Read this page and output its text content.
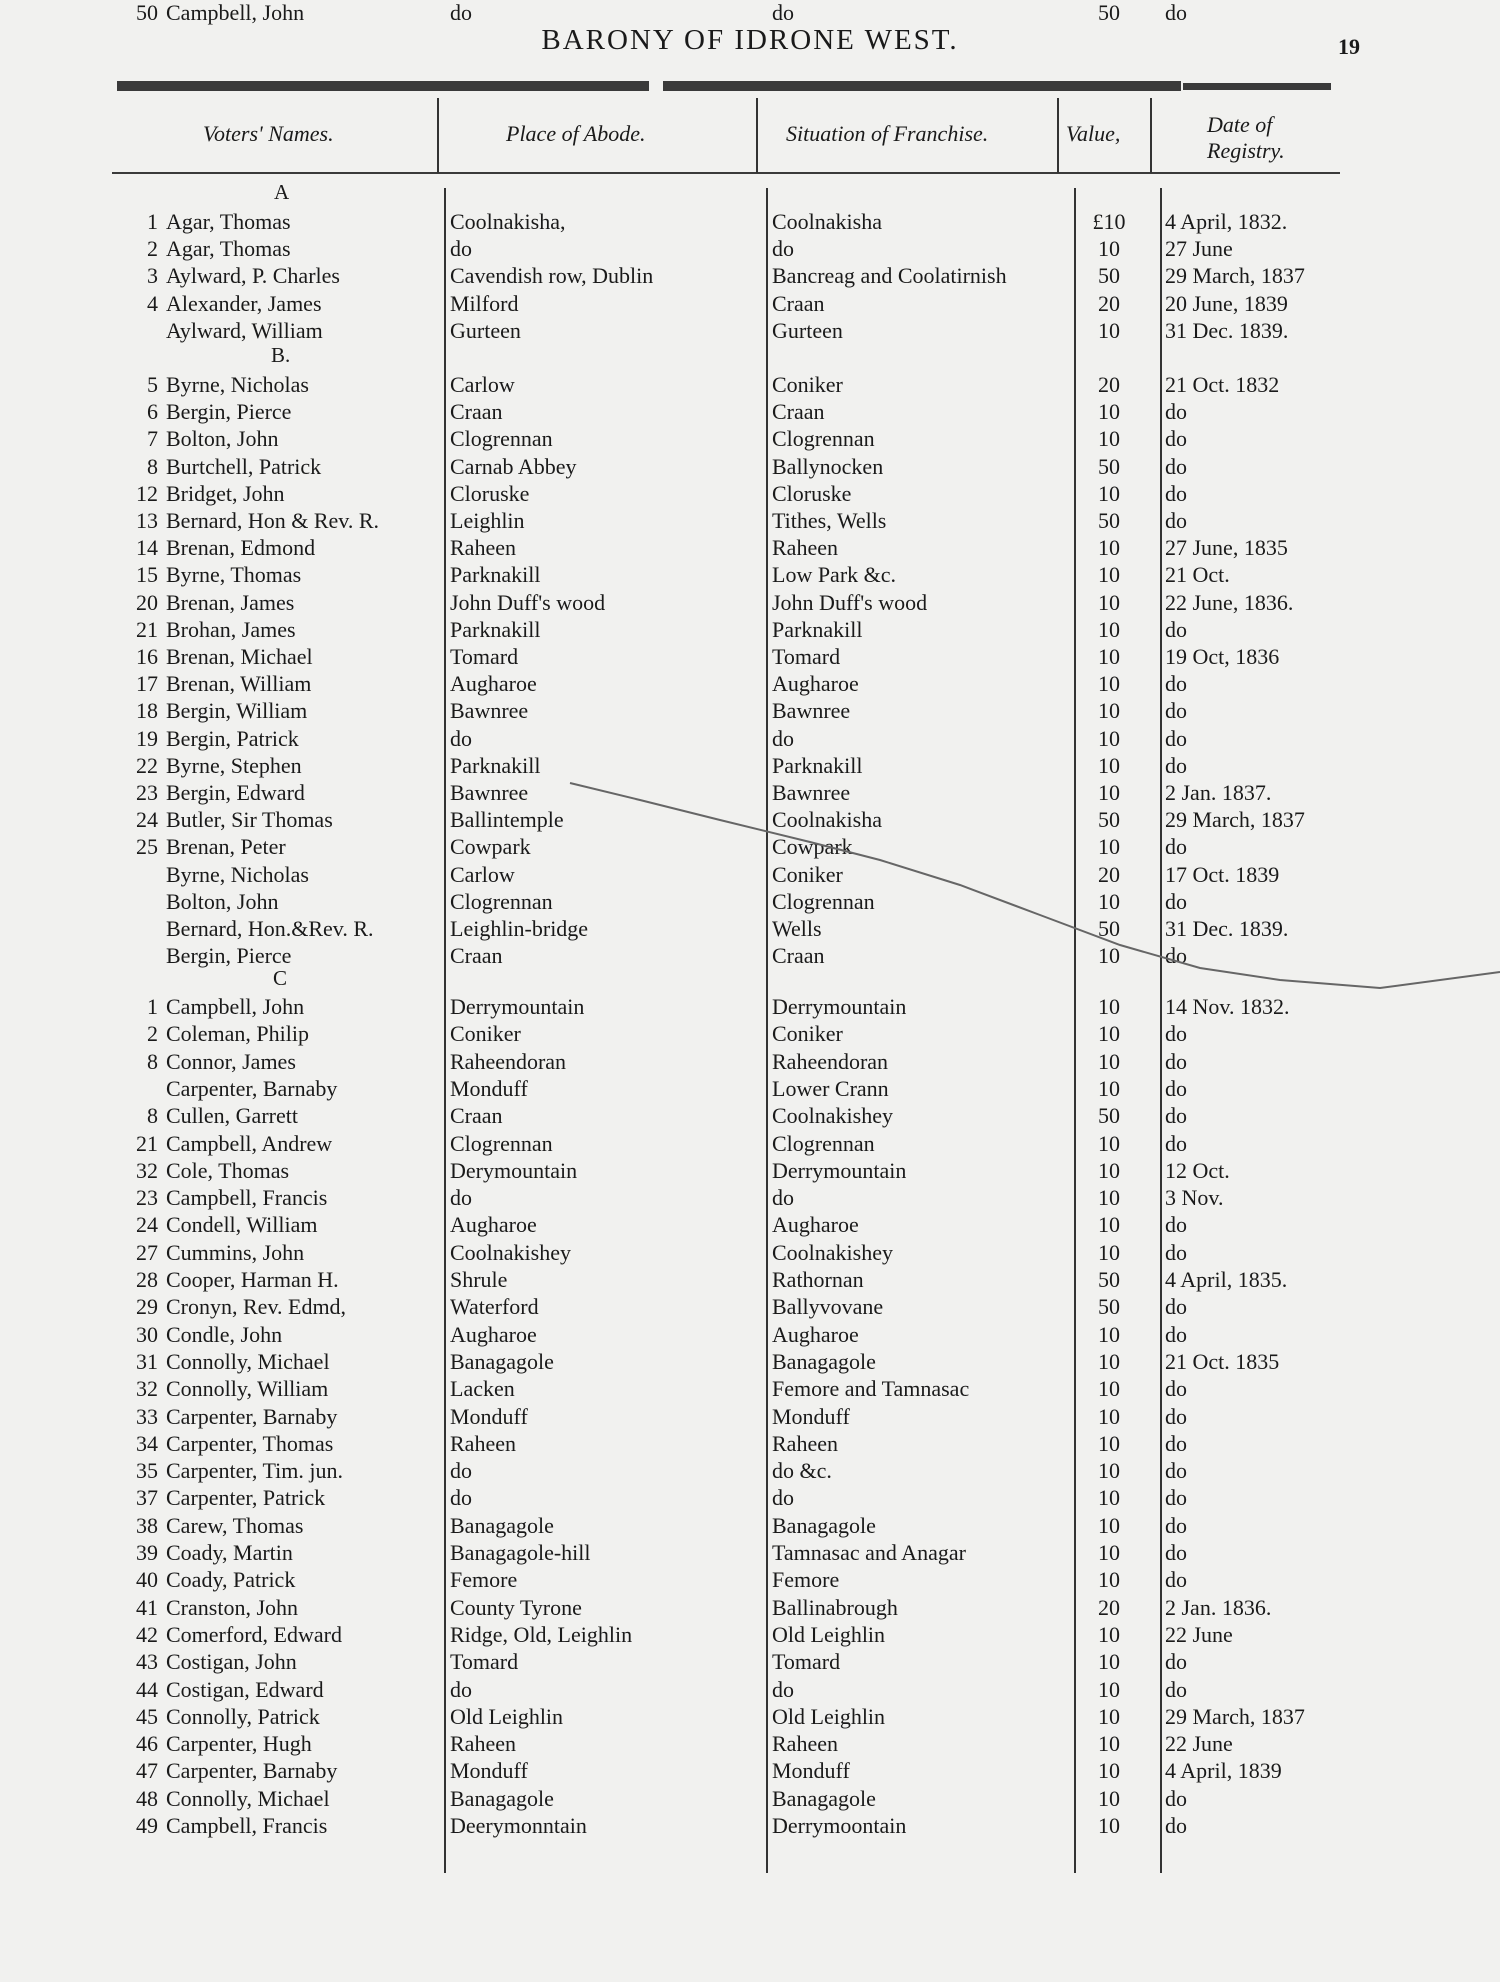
BARONY OF IDRONE WEST.	19
Voters' Names.	Place of Abode.	Situation of Franchise.	Value,	Date of
Registry.
A
B.
C
1 Agar, Thomas	Coolnakisha,	Coolnakisha	£10	4 April, 1832.
2 Agar, Thomas	do	do	10	27 June
3 Aylward, P. Charles	Cavendish row, Dublin	Bancreag and Coolatirnish	50	29 March, 1837
4 Alexander, James	Milford	Craan	20	20 June, 1839
Aylward, William	Gurteen	Gurteen	10	31 Dec. 1839.
5 Byrne, Nicholas	Carlow	Coniker	20	21 Oct. 1832
6 Bergin, Pierce	Craan	Craan	10	do
7 Bolton, John	Clogrennan	Clogrennan	10	do
8 Burtchell, Patrick	Carnab Abbey	Ballynocken	50	do
12 Bridget, John	Cloruske	Cloruske	10	do
13 Bernard, Hon & Rev. R.	Leighlin	Tithes, Wells	50	do
14 Brenan, Edmond	Raheen	Raheen	10	27 June, 1835
15 Byrne, Thomas	Parknakill	Low Park &c.	10	21 Oct.
20 Brenan, James	John Duff's wood	John Duff's wood	10	22 June, 1836.
21 Brohan, James	Parknakill	Parknakill	10	do
16 Brenan, Michael	Tomard	Tomard	10	19 Oct, 1836
17 Brenan, William	Augharoe	Augharoe	10	do
18 Bergin, William	Bawnree	Bawnree	10	do
19 Bergin, Patrick	do	do	10	do
22 Byrne, Stephen	Parknakill	Parknakill	10	do
23 Bergin, Edward	Bawnree	Bawnree	10	2 Jan. 1837.
24 Butler, Sir Thomas	Ballintemple	Coolnakisha	50	29 March, 1837
25 Brenan, Peter	Cowpark	Cowpark	10	do
Byrne, Nicholas	Carlow	Coniker	20	17 Oct. 1839
Bolton, John	Clogrennan	Clogrennan	10	do
Bernard, Hon.&Rev. R.	Leighlin-bridge	Wells	50	31 Dec. 1839.
Bergin, Pierce	Craan	Craan	10	do
1 Campbell, John	Derrymountain	Derrymountain	10	14 Nov. 1832.
2 Coleman, Philip	Coniker	Coniker	10	do
8 Connor, James	Raheendoran	Raheendoran	10	do
Carpenter, Barnaby	Monduff	Lower Crann	10	do
8 Cullen, Garrett	Craan	Coolnakishey	50	do
21 Campbell, Andrew	Clogrennan	Clogrennan	10	do
32 Cole, Thomas	Derymountain	Derrymountain	10	12 Oct.
23 Campbell, Francis	do	do	10	3 Nov.
24 Condell, William	Augharoe	Augharoe	10	do
27 Cummins, John	Coolnakishey	Coolnakishey	10	do
28 Cooper, Harman H.	Shrule	Rathornan	50	4 April, 1835.
29 Cronyn, Rev. Edmd,	Waterford	Ballyvovane	50	do
30 Condle, John	Augharoe	Augharoe	10	do
31 Connolly, Michael	Banagagole	Banagagole	10	21 Oct. 1835
32 Connolly, William	Lacken	Femore and Tamnasac	10	do
33 Carpenter, Barnaby	Monduff	Monduff	10	do
34 Carpenter, Thomas	Raheen	Raheen	10	do
35 Carpenter, Tim. jun.	do	do &c.	10	do
37 Carpenter, Patrick	do	do	10	do
38 Carew, Thomas	Banagagole	Banagagole	10	do
39 Coady, Martin	Banagagole-hill	Tamnasac and Anagar	10	do
40 Coady, Patrick	Femore	Femore	10	do
41 Cranston, John	County Tyrone	Ballinabrough	20	2 Jan. 1836.
42 Comerford, Edward	Ridge, Old, Leighlin	Old Leighlin	10	22 June
43 Costigan, John	Tomard	Tomard	10	do
44 Costigan, Edward	do	do	10	do
45 Connolly, Patrick	Old Leighlin	Old Leighlin	10	29 March, 1837
46 Carpenter, Hugh	Raheen	Raheen	10	22 June
47 Carpenter, Barnaby	Monduff	Monduff	10	4 April, 1839
48 Connolly, Michael	Banagagole	Banagagole	10	do
49 Campbell, Francis	Deerymonntain	Derrymoontain	10	do
50 Campbell, John	do	do	50	do
